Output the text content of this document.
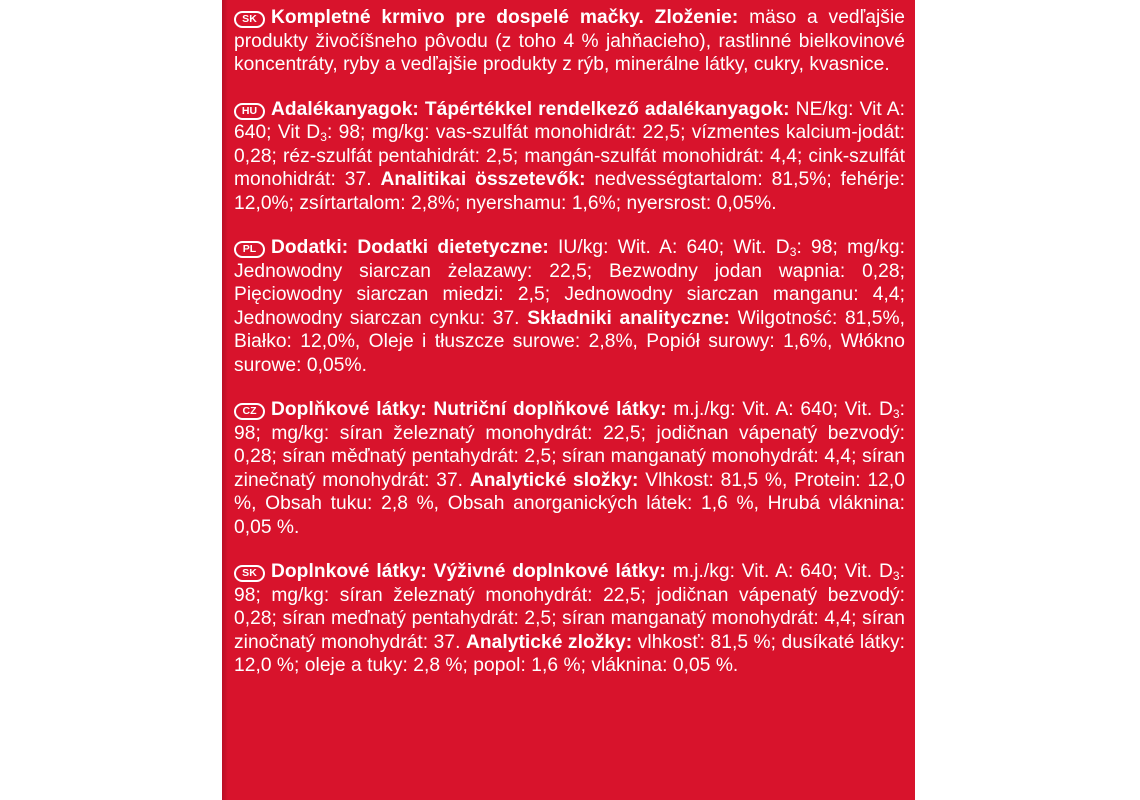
SK Kompletné krmivo pre dospelé mačky. Zloženie: mäso a vedľajšie produkty živočíšneho pôvodu (z toho 4 % jahňacieho), rastlinné bielkovinové koncentráty, ryby a vedľajšie produkty z rýb, minerálne látky, cukry, kvasnice.
HU Adalékanyagok: Tápértékkel rendelkező adalékanyagok: NE/kg: Vit A: 640; Vit $D_3$: 98; mg/kg: vas-szulfát monohidrát: 22,5; vízmentes kalcium-jodát: 0,28; réz-szulfát pentahidrát: 2,5; mangán-szulfát monohidrát: 4,4; cink-szulfát monohidrát: 37. Analitikai összetevők: nedvességtartalom: 81,5%; fehérje: 12,0%; zsírtartalom: 2,8%; nyershamu: 1,6%; nyersrost: 0,05%.
PL Dodatki: Dodatki dietetyczne: IU/kg: Wit. A: 640; Wit. $D_3$: 98; mg/kg: Jednowodny siarczan żelazawy: 22,5; Bezwodny jodan wapnia: 0,28; Pięciowodny siarczan miedzi: 2,5; Jednowodny siarczan manganu: 4,4; Jednowodny siarczan cynku: 37. Składniki analityczne: Wilgotność: 81,5%, Białko: 12,0%, Oleje i tłuszcze surowe: 2,8%, Popiół surowy: 1,6%, Włókno surowe: 0,05%.
CZ Doplňkové látky: Nutriční doplňkové látky: m.j./kg: Vit. A: 640; Vit. $D_3$: 98; mg/kg: síran železnatý monohydrát: 22,5; jodičnan vápenatý bezvodý: 0,28; síran měďnatý pentahydrát: 2,5; síran manganatý monohydrát: 4,4; síran zinečnatý monohydrát: 37. Analytické složky: Vlhkost: 81,5 %, Protein: 12,0 %, Obsah tuku: 2,8 %, Obsah anorganických látek: 1,6 %, Hrubá vláknina: 0,05 %.
SK Doplnkové látky: Výživné doplnkové látky: m.j./kg: Vit. A: 640; Vit. $D_3$: 98; mg/kg: síran železnatý monohydrát: 22,5; jodičnan vápenatý bezvodý: 0,28; síran meďnatý pentahydrát: 2,5; síran manganatý monohydrát: 4,4; síran zinočnatý monohydrát: 37. Analytické zložky: vlhkosť: 81,5 %; dusíkaté látky: 12,0 %; oleje a tuky: 2,8 %; popol: 1,6 %; vláknina: 0,05 %.
